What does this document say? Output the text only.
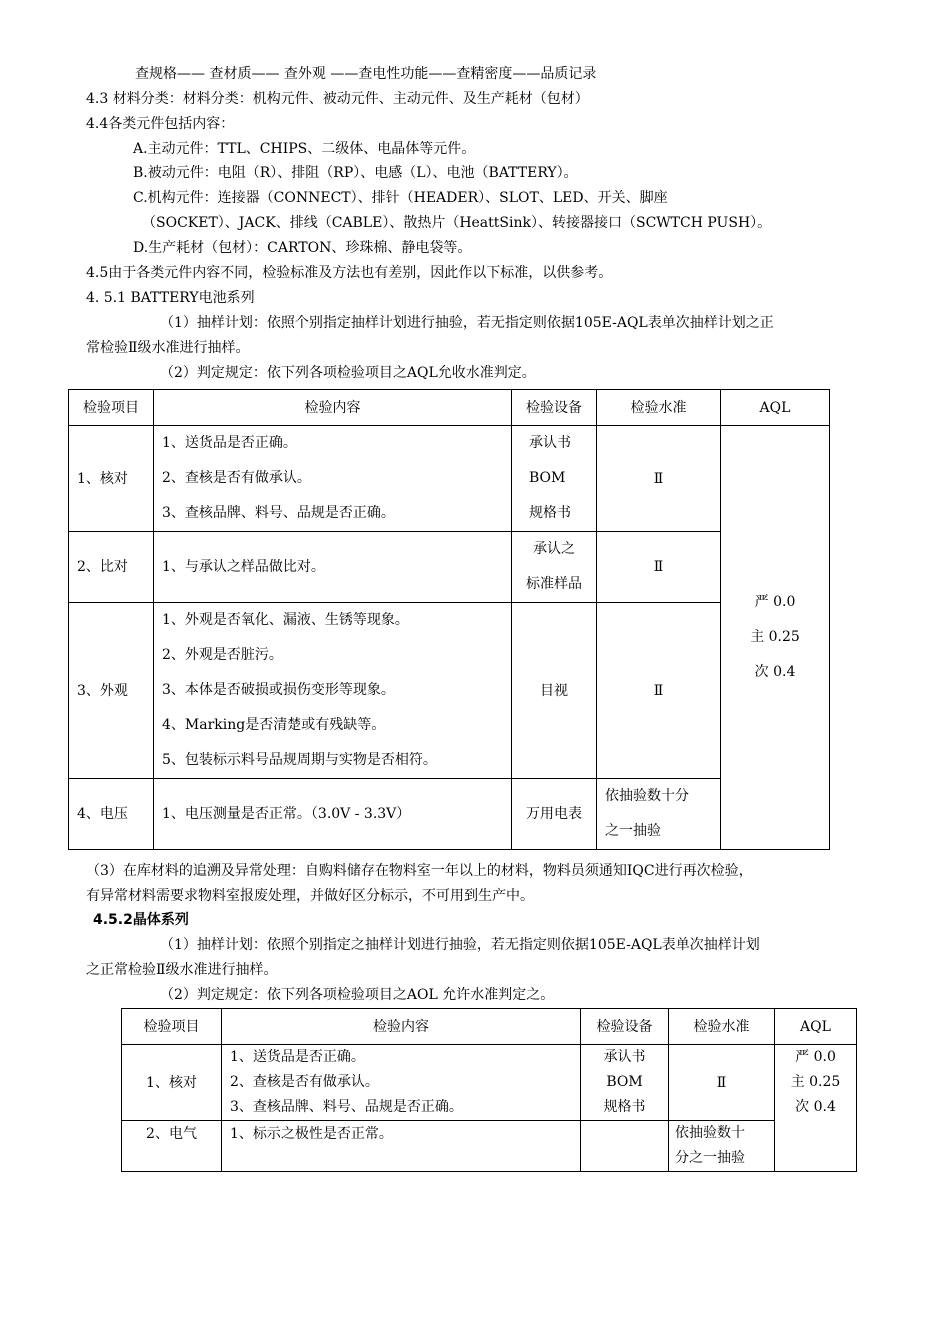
查规格—— 查材质—— 查外观 ——查电性功能——查精密度——品质记录
4.3 材料分类：材料分类：机构元件、被动元件、主动元件、及生产耗材（包材）
4.4各类元件包括内容：
A.主动元件：TTL、CHIPS、二级体、电晶体等元件。
B.被动元件：电阻（R）、排阻（RP）、电感（L）、电池（BATTERY）。
C.机构元件：连接器（CONNECT）、排针（HEADER）、SLOT、LED、开关、脚座
（SOCKET）、JACK、排线（CABLE）、散热片（HeattSink）、转接器接口（SCWTCH PUSH）。
D.生产耗材（包材）：CARTON、珍珠棉、静电袋等。
4.5由于各类元件内容不同，检验标准及方法也有差别，因此作以下标准，以供参考。
4. 5.1 BATTERY电池系列
（1）抽样计划：依照个别指定抽样计划进行抽验，若无指定则依据105E-AQL表单次抽样计划之正
常检验Ⅱ级水准进行抽样。
（2）判定规定：依下列各项检验项目之AQL允收水准判定。
检验项目	检验内容	检验设备	检验水准	AQL
1、核对	1、送货品是否正确。
2、查核是否有做承认。
3、查核品牌、料号、品规是否正确。	承认书
BOM
规格书	Ⅱ	严 0.0
主 0.25
次 0.4

2、比对	1、与承认之样品做比对。	承认之
标准样品	Ⅱ	
3、外观	1、外观是否氧化、漏液、生锈等现象。
2、外观是否脏污。
3、本体是否破损或损伤变形等现象。
4、Marking是否清楚或有残缺等。
5、包装标示料号品规周期与实物是否相符。	目视	Ⅱ	
4、电压	1、电压测量是否正常。（3.0V - 3.3V）	万用电表	依抽验数十分
之一抽验	
（3）在库材料的追溯及异常处理：自购料储存在物料室一年以上的材料，物料员须通知IQC进行再次检验，
有异常材料需要求物料室报废处理，并做好区分标示，不可用到生产中。
4.5.2晶体系列
（1）抽样计划：依照个别指定之抽样计划进行抽验，若无指定则依据105E-AQL表单次抽样计划
之正常检验Ⅱ级水准进行抽样。
（2）判定规定：依下列各项检验项目之AOL 允许水准判定之。
检验项目	检验内容	检验设备	检验水准	AQL
1、核对	1、送货品是否正确。
2、查核是否有做承认。
3、查核品牌、料号、品规是否正确。	承认书
BOM
规格书	Ⅱ	严 0.0
主 0.25
次 0.4

2、电气	1、标示之极性是否正常。		依抽验数十
分之一抽验	
